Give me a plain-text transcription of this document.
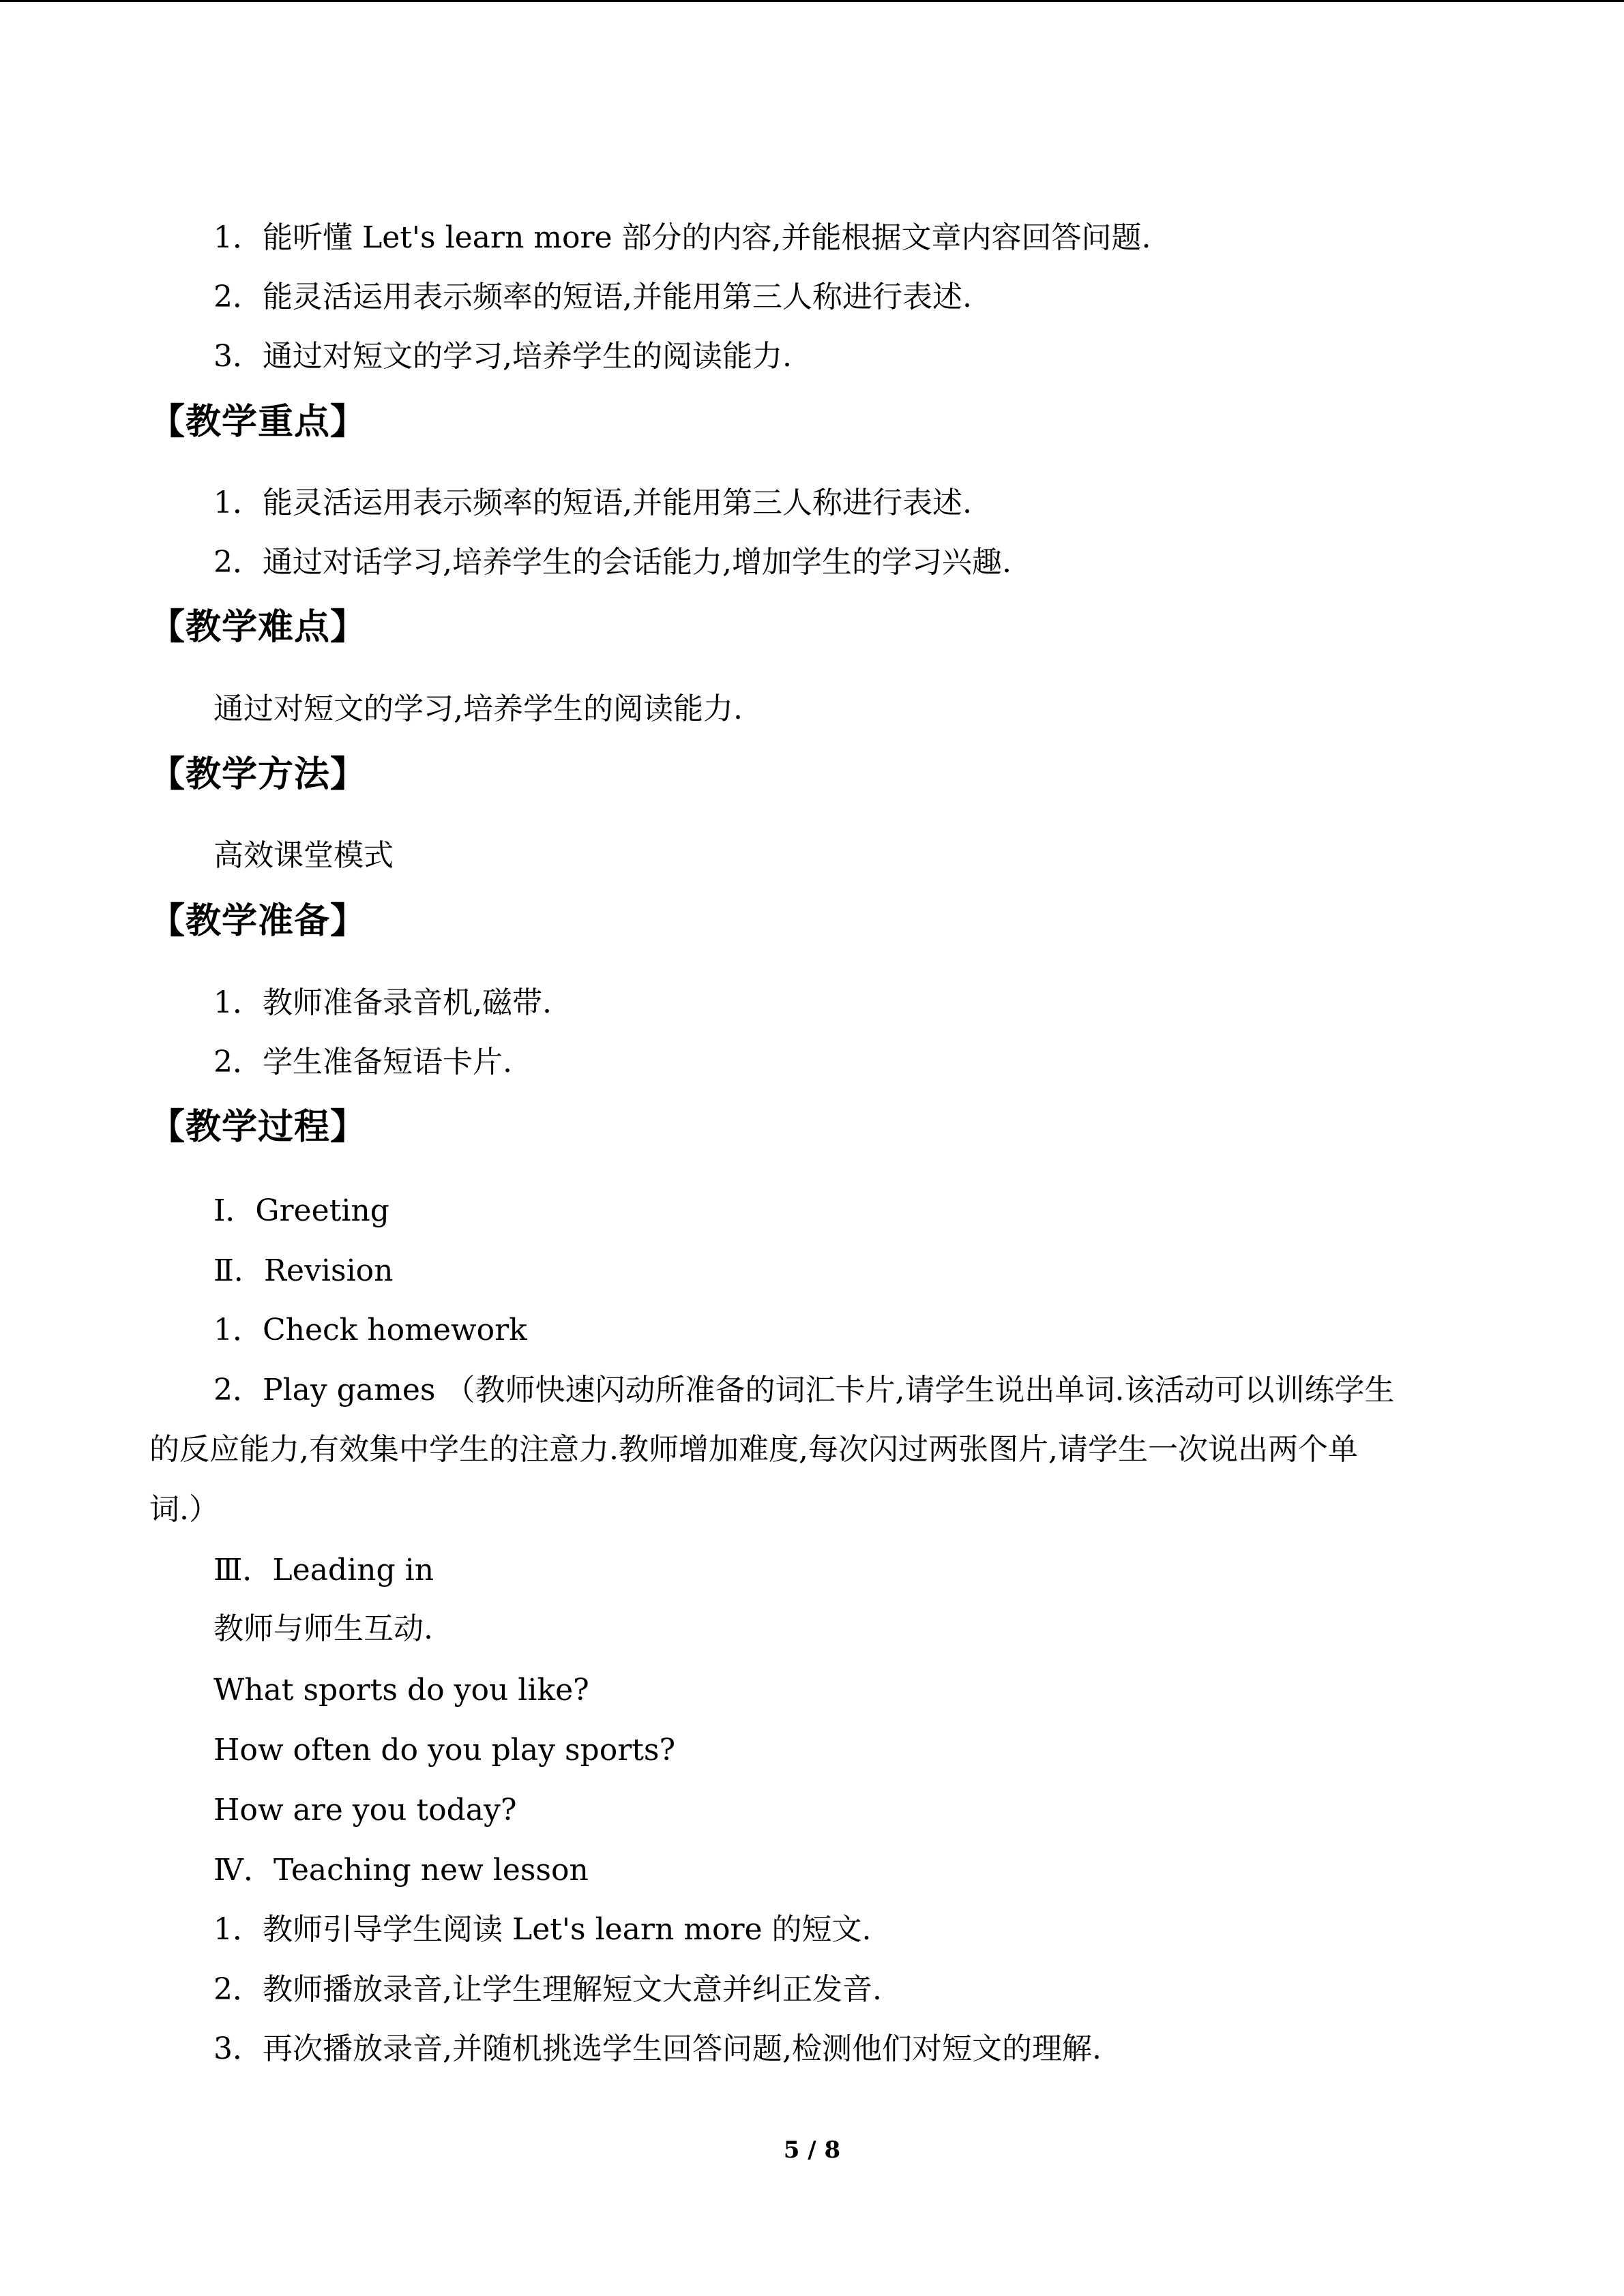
1．能听懂 Let's learn more 部分的内容,并能根据文章内容回答问题.
2．能灵活运用表示频率的短语,并能用第三人称进行表述.
3．通过对短文的学习,培养学生的阅读能力.
【教学重点】
1．能灵活运用表示频率的短语,并能用第三人称进行表述.
2．通过对话学习,培养学生的会话能力,增加学生的学习兴趣.
【教学难点】
通过对短文的学习,培养学生的阅读能力.
【教学方法】
高效课堂模式
【教学准备】
1．教师准备录音机,磁带.
2．学生准备短语卡片.
【教学过程】
Ⅰ．Greeting
Ⅱ．Revision
1．Check homework
2．Play games （教师快速闪动所准备的词汇卡片,请学生说出单词.该活动可以训练学生
的反应能力,有效集中学生的注意力.教师增加难度,每次闪过两张图片,请学生一次说出两个单
词.）
Ⅲ．Leading in
教师与师生互动.
What sports do you like?
How often do you play sports?
How are you today?
Ⅳ．Teaching new lesson
1．教师引导学生阅读 Let's learn more 的短文.
2．教师播放录音,让学生理解短文大意并纠正发音.
3．再次播放录音,并随机挑选学生回答问题,检测他们对短文的理解.
5 / 8
